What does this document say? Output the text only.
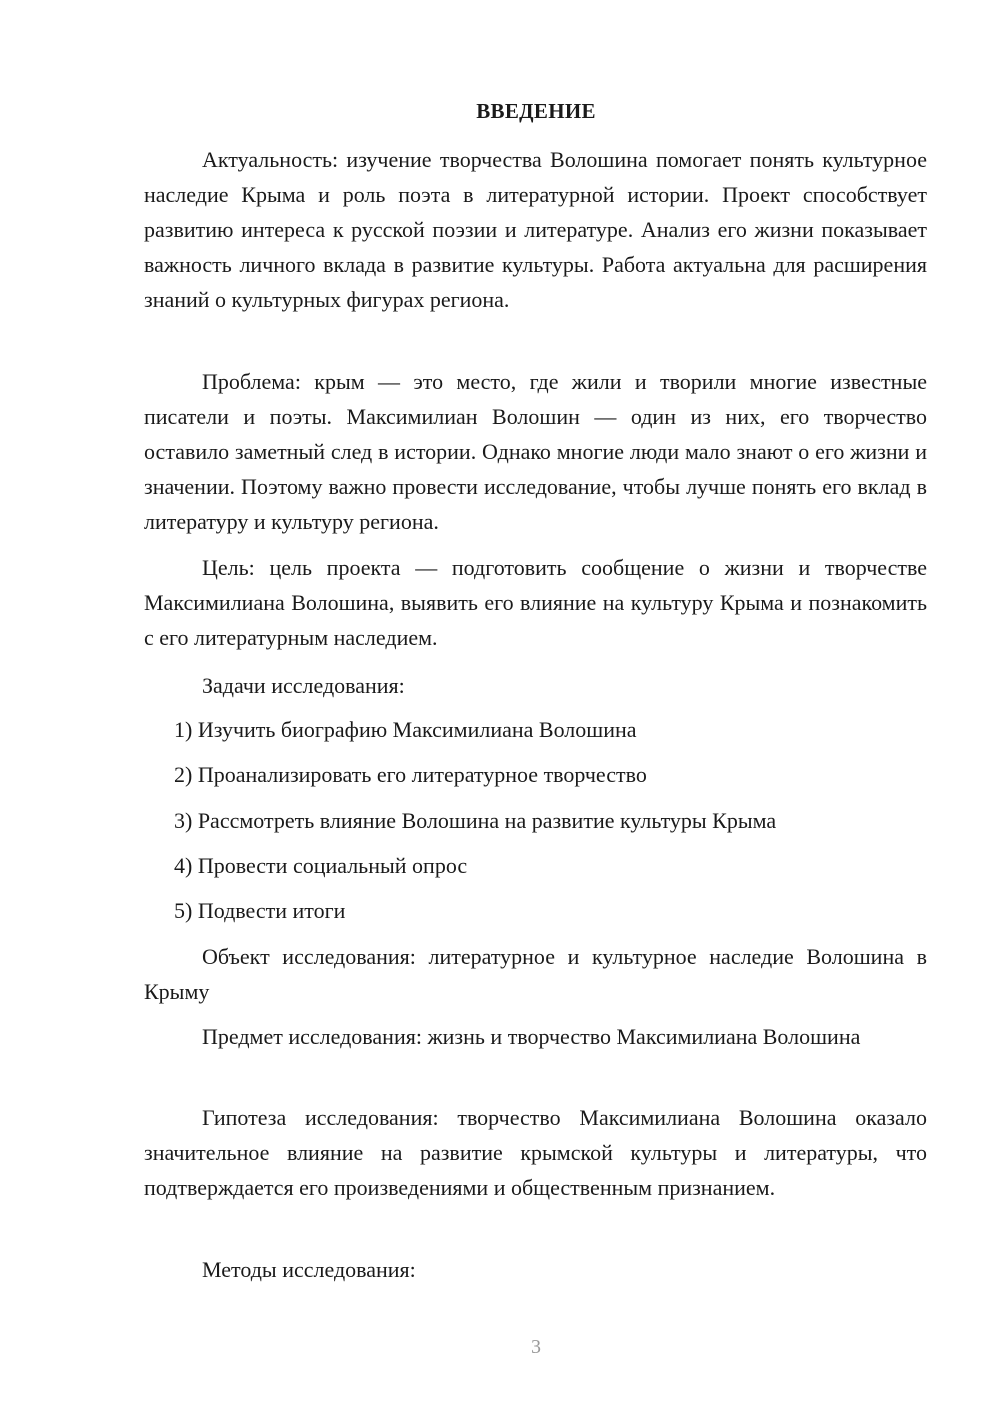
ВВЕДЕНИЕ
Актуальность: изучение творчества Волошина помогает понять культурное наследие Крыма и роль поэта в литературной истории. Проект способствует развитию интереса к русской поэзии и литературе. Анализ его жизни показывает важность личного вклада в развитие культуры. Работа актуальна для расширения знаний о культурных фигурах региона.
Проблема: крым — это место, где жили и творили многие известные писатели и поэты. Максимилиан Волошин — один из них, его творчество оставило заметный след в истории. Однако многие люди мало знают о его жизни и значении. Поэтому важно провести исследование, чтобы лучше понять его вклад в литературу и культуру региона.
Цель: цель проекта — подготовить сообщение о жизни и творчестве Максимилиана Волошина, выявить его влияние на культуру Крыма и познакомить с его литературным наследием.
Задачи исследования:
1) Изучить биографию Максимилиана Волошина
2) Проанализировать его литературное творчество
3) Рассмотреть влияние Волошина на развитие культуры Крыма
4) Провести социальный опрос
5) Подвести итоги
Объект исследования: литературное и культурное наследие Волошина в Крыму
Предмет исследования: жизнь и творчество Максимилиана Волошина
Гипотеза исследования: творчество Максимилиана Волошина оказало значительное влияние на развитие крымской культуры и литературы, что подтверждается его произведениями и общественным признанием.
Методы исследования:
3
